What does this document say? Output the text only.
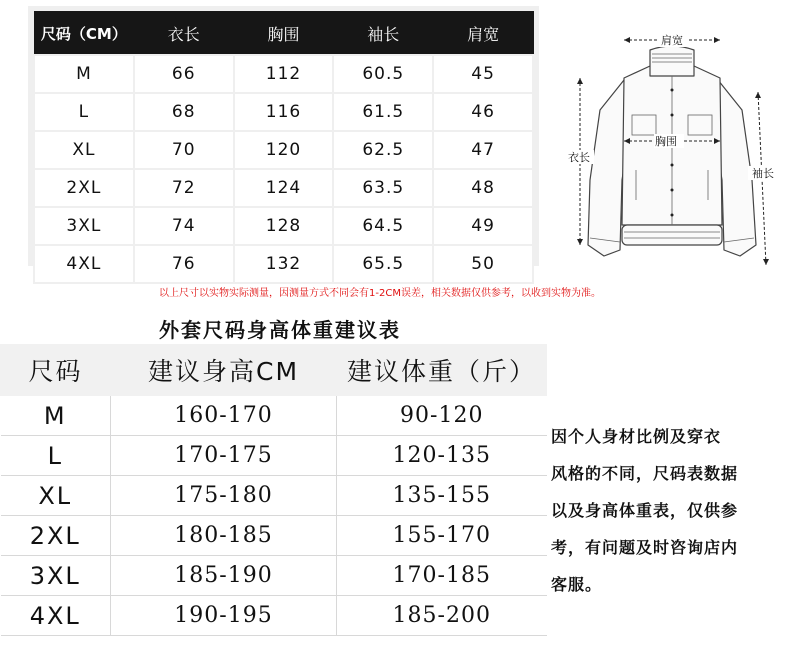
尺码（CM）	衣长	胸围	袖长	肩宽
M	66	112	60.5	45
L	68	116	61.5	46
XL	70	120	62.5	47
2XL	72	124	63.5	48
3XL	74	128	64.5	49
4XL	76	132	65.5	50
肩宽
胸围
衣长
袖长
以上尺寸以实物实际测量，因测量方式不同会有1-2CM误差，相关数据仅供参考，以收到实物为准。
外套尺码身高体重建议表
尺码	建议身高CM	建议体重（斤）
M	160-170	90-120
L	170-175	120-135
XL	175-180	135-155
2XL	180-185	155-170
3XL	185-190	170-185
4XL	190-195	185-200
因个人身材比例及穿衣
风格的不同，尺码表数据
以及身高体重表，仅供参
考，有问题及时咨询店内
客服。
